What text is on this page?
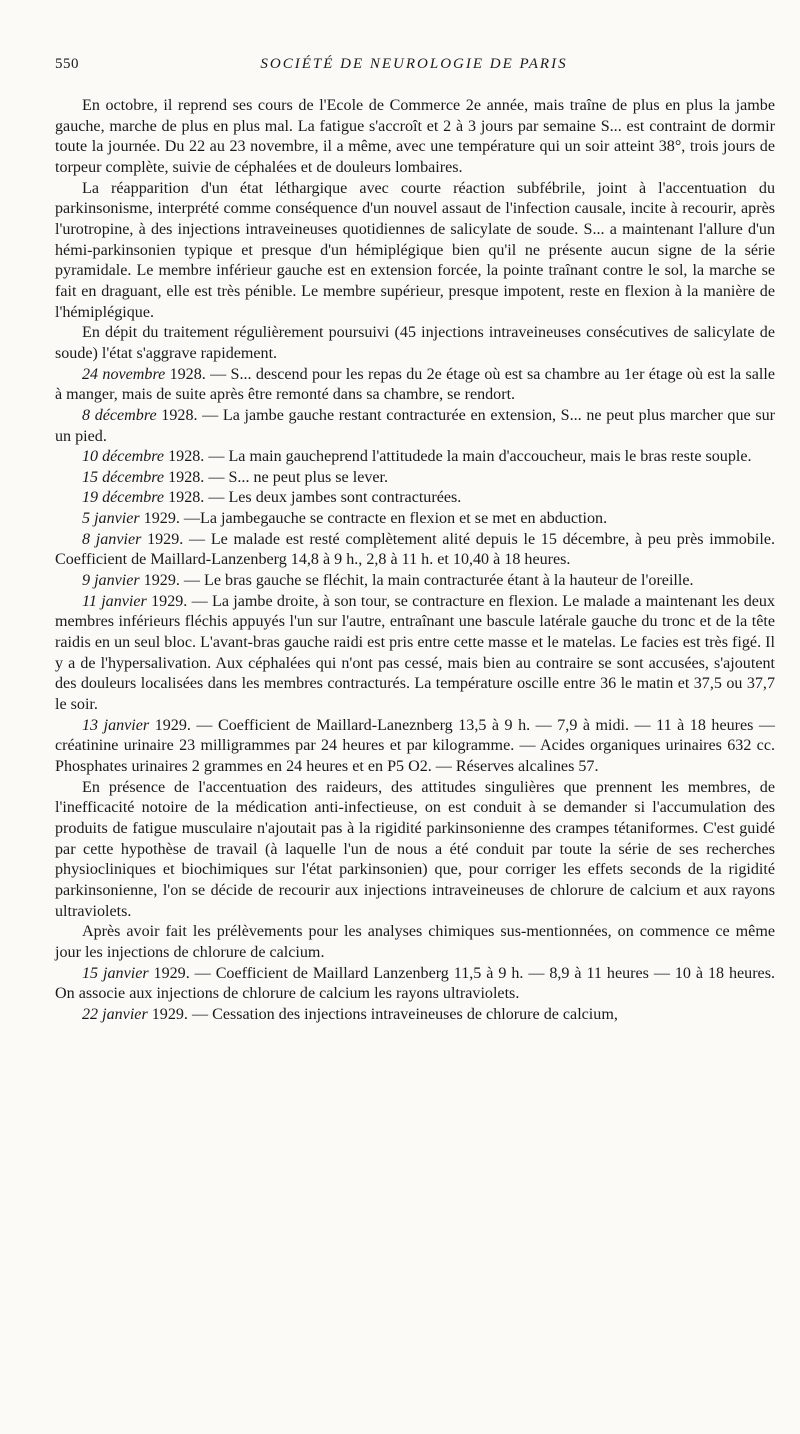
550	SOCIÉTÉ DE NEUROLOGIE DE PARIS

En octobre, il reprend ses cours de l'Ecole de Commerce 2e année, mais traîne de plus en plus la jambe gauche, marche de plus en plus mal. La fatigue s'accroît et 2 à 3 jours par semaine S... est contraint de dormir toute la journée. Du 22 au 23 novembre, il a même, avec une température qui un soir atteint 38°, trois jours de torpeur complète, suivie de céphalées et de douleurs lombaires.

La réapparition d'un état léthargique avec courte réaction subfébrile, joint à l'accentuation du parkinsonisme, interprété comme conséquence d'un nouvel assaut de l'infection causale, incite à recourir, après l'urotropine, à des injections intraveineuses quotidiennes de salicylate de soude. S... a maintenant l'allure d'un hémi-parkinsonien typique et presque d'un hémiplégique bien qu'il ne présente aucun signe de la série pyramidale. Le membre inférieur gauche est en extension forcée, la pointe traînant contre le sol, la marche se fait en draguant, elle est très pénible. Le membre supérieur, presque impotent, reste en flexion à la manière de l'hémiplégique.

En dépit du traitement régulièrement poursuivi (45 injections intraveineuses consécutives de salicylate de soude) l'état s'aggrave rapidement.

24 novembre 1928. — S... descend pour les repas du 2e étage où est sa chambre au 1er étage où est la salle à manger, mais de suite après être remonté dans sa chambre, se rendort.

8 décembre 1928. — La jambe gauche restant contracturée en extension, S... ne peut plus marcher que sur un pied.

10 décembre 1928. — La main gaucheprend l'attitudede la main d'accoucheur, mais le bras reste souple.

15 décembre 1928. — S... ne peut plus se lever.

19 décembre 1928. — Les deux jambes sont contracturées.

5 janvier 1929. —La jambegauche se contracte en flexion et se met en abduction.

8 janvier 1929. — Le malade est resté complètement alité depuis le 15 décembre, à peu près immobile. Coefficient de Maillard-Lanzenberg 14,8 à 9 h., 2,8 à 11 h. et 10,40 à 18 heures.

9 janvier 1929. — Le bras gauche se fléchit, la main contracturée étant à la hauteur de l'oreille.

11 janvier 1929. — La jambe droite, à son tour, se contracture en flexion. Le malade a maintenant les deux membres inférieurs fléchis appuyés l'un sur l'autre, entraînant une bascule latérale gauche du tronc et de la tête raidis en un seul bloc. L'avant-bras gauche raidi est pris entre cette masse et le matelas. Le facies est très figé. Il y a de l'hypersalivation. Aux céphalées qui n'ont pas cessé, mais bien au contraire se sont accusées, s'ajoutent des douleurs localisées dans les membres contracturés. La température oscille entre 36 le matin et 37,5 ou 37,7 le soir.

13 janvier 1929. — Coefficient de Maillard-Laneznberg 13,5 à 9 h. — 7,9 à midi. — 11 à 18 heures — créatinine urinaire 23 milligrammes par 24 heures et par kilogramme. — Acides organiques urinaires 632 cc. Phosphates urinaires 2 grammes en 24 heures et en P5 O2. — Réserves alcalines 57.

En présence de l'accentuation des raideurs, des attitudes singulières que prennent les membres, de l'inefficacité notoire de la médication anti-infectieuse, on est conduit à se demander si l'accumulation des produits de fatigue musculaire n'ajoutait pas à la rigidité parkinsonienne des crampes tétaniformes. C'est guidé par cette hypothèse de travail (à laquelle l'un de nous a été conduit par toute la série de ses recherches physiocliniques et biochimiques sur l'état parkinsonien) que, pour corriger les effets seconds de la rigidité parkinsonienne, l'on se décide de recourir aux injections intraveineuses de chlorure de calcium et aux rayons ultraviolets.

Après avoir fait les prélèvements pour les analyses chimiques sus-mentionnées, on commence ce même jour les injections de chlorure de calcium.

15 janvier 1929. — Coefficient de Maillard Lanzenberg 11,5 à 9 h. — 8,9 à 11 heures — 10 à 18 heures. On associe aux injections de chlorure de calcium les rayons ultraviolets.

22 janvier 1929. — Cessation des injections intraveineuses de chlorure de calcium,
